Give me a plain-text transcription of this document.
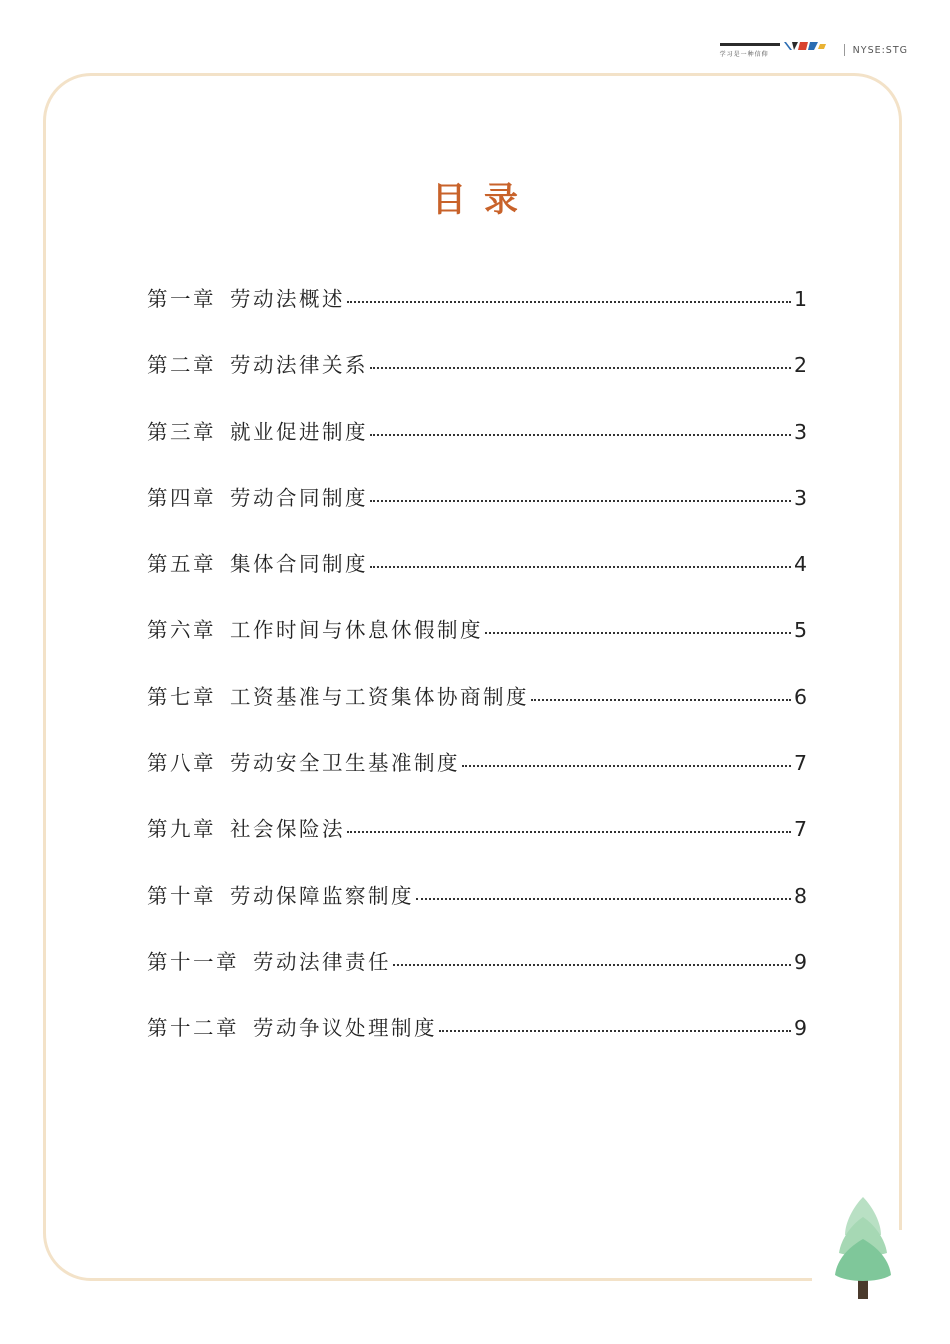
学习是一种信仰	NYSE:STG
目录
第一章 劳动法概述	1
第二章 劳动法律关系	2
第三章 就业促进制度	3
第四章 劳动合同制度	3
第五章 集体合同制度	4
第六章 工作时间与休息休假制度	5
第七章 工资基准与工资集体协商制度	6
第八章 劳动安全卫生基准制度	7
第九章 社会保险法	7
第十章 劳动保障监察制度	8
第十一章 劳动法律责任	9
第十二章 劳动争议处理制度	9
